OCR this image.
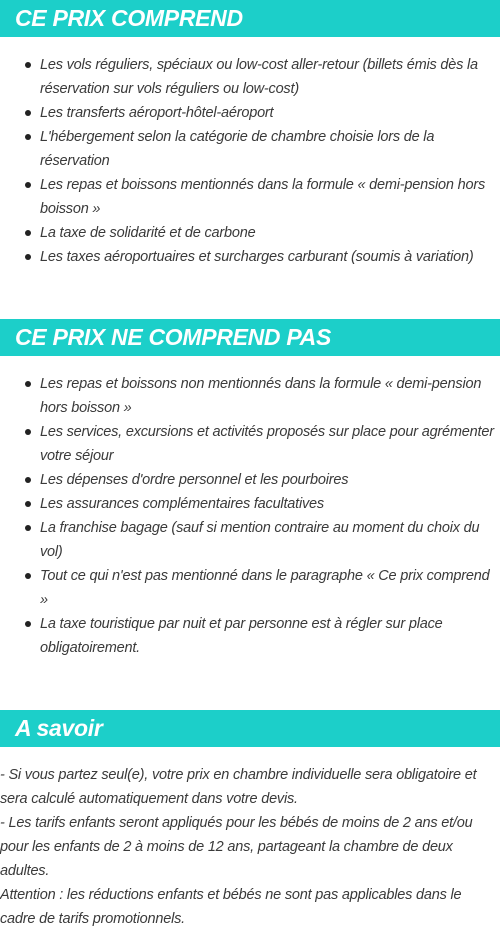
CE PRIX COMPREND
Les vols réguliers, spéciaux ou low-cost aller-retour (billets émis dès la réservation sur vols réguliers ou low-cost)
Les transferts aéroport-hôtel-aéroport
L'hébergement selon la catégorie de chambre choisie lors de la réservation
Les repas et boissons mentionnés dans la formule « demi-pension hors boisson »
La taxe de solidarité et de carbone
Les taxes aéroportuaires et surcharges carburant (soumis à variation)
CE PRIX NE COMPREND PAS
Les repas et boissons non mentionnés dans la formule « demi-pension hors boisson »
Les services, excursions et activités proposés sur place pour agrémenter votre séjour
Les dépenses d'ordre personnel et les pourboires
Les assurances complémentaires facultatives
La franchise bagage (sauf si mention contraire au moment du choix du vol)
Tout ce qui n'est pas mentionné dans le paragraphe « Ce prix comprend »
La taxe touristique par nuit et par personne est à régler sur place obligatoirement.
A savoir

- Si vous partez seul(e), votre prix en chambre individuelle sera obligatoire et sera calculé automatiquement dans votre devis.

- Les tarifs enfants seront appliqués pour les bébés de moins de 2 ans et/ou pour les enfants de 2 à moins de 12 ans, partageant la chambre de deux adultes.

Attention : les réductions enfants et bébés ne sont pas applicables dans le cadre de tarifs promotionnels.
